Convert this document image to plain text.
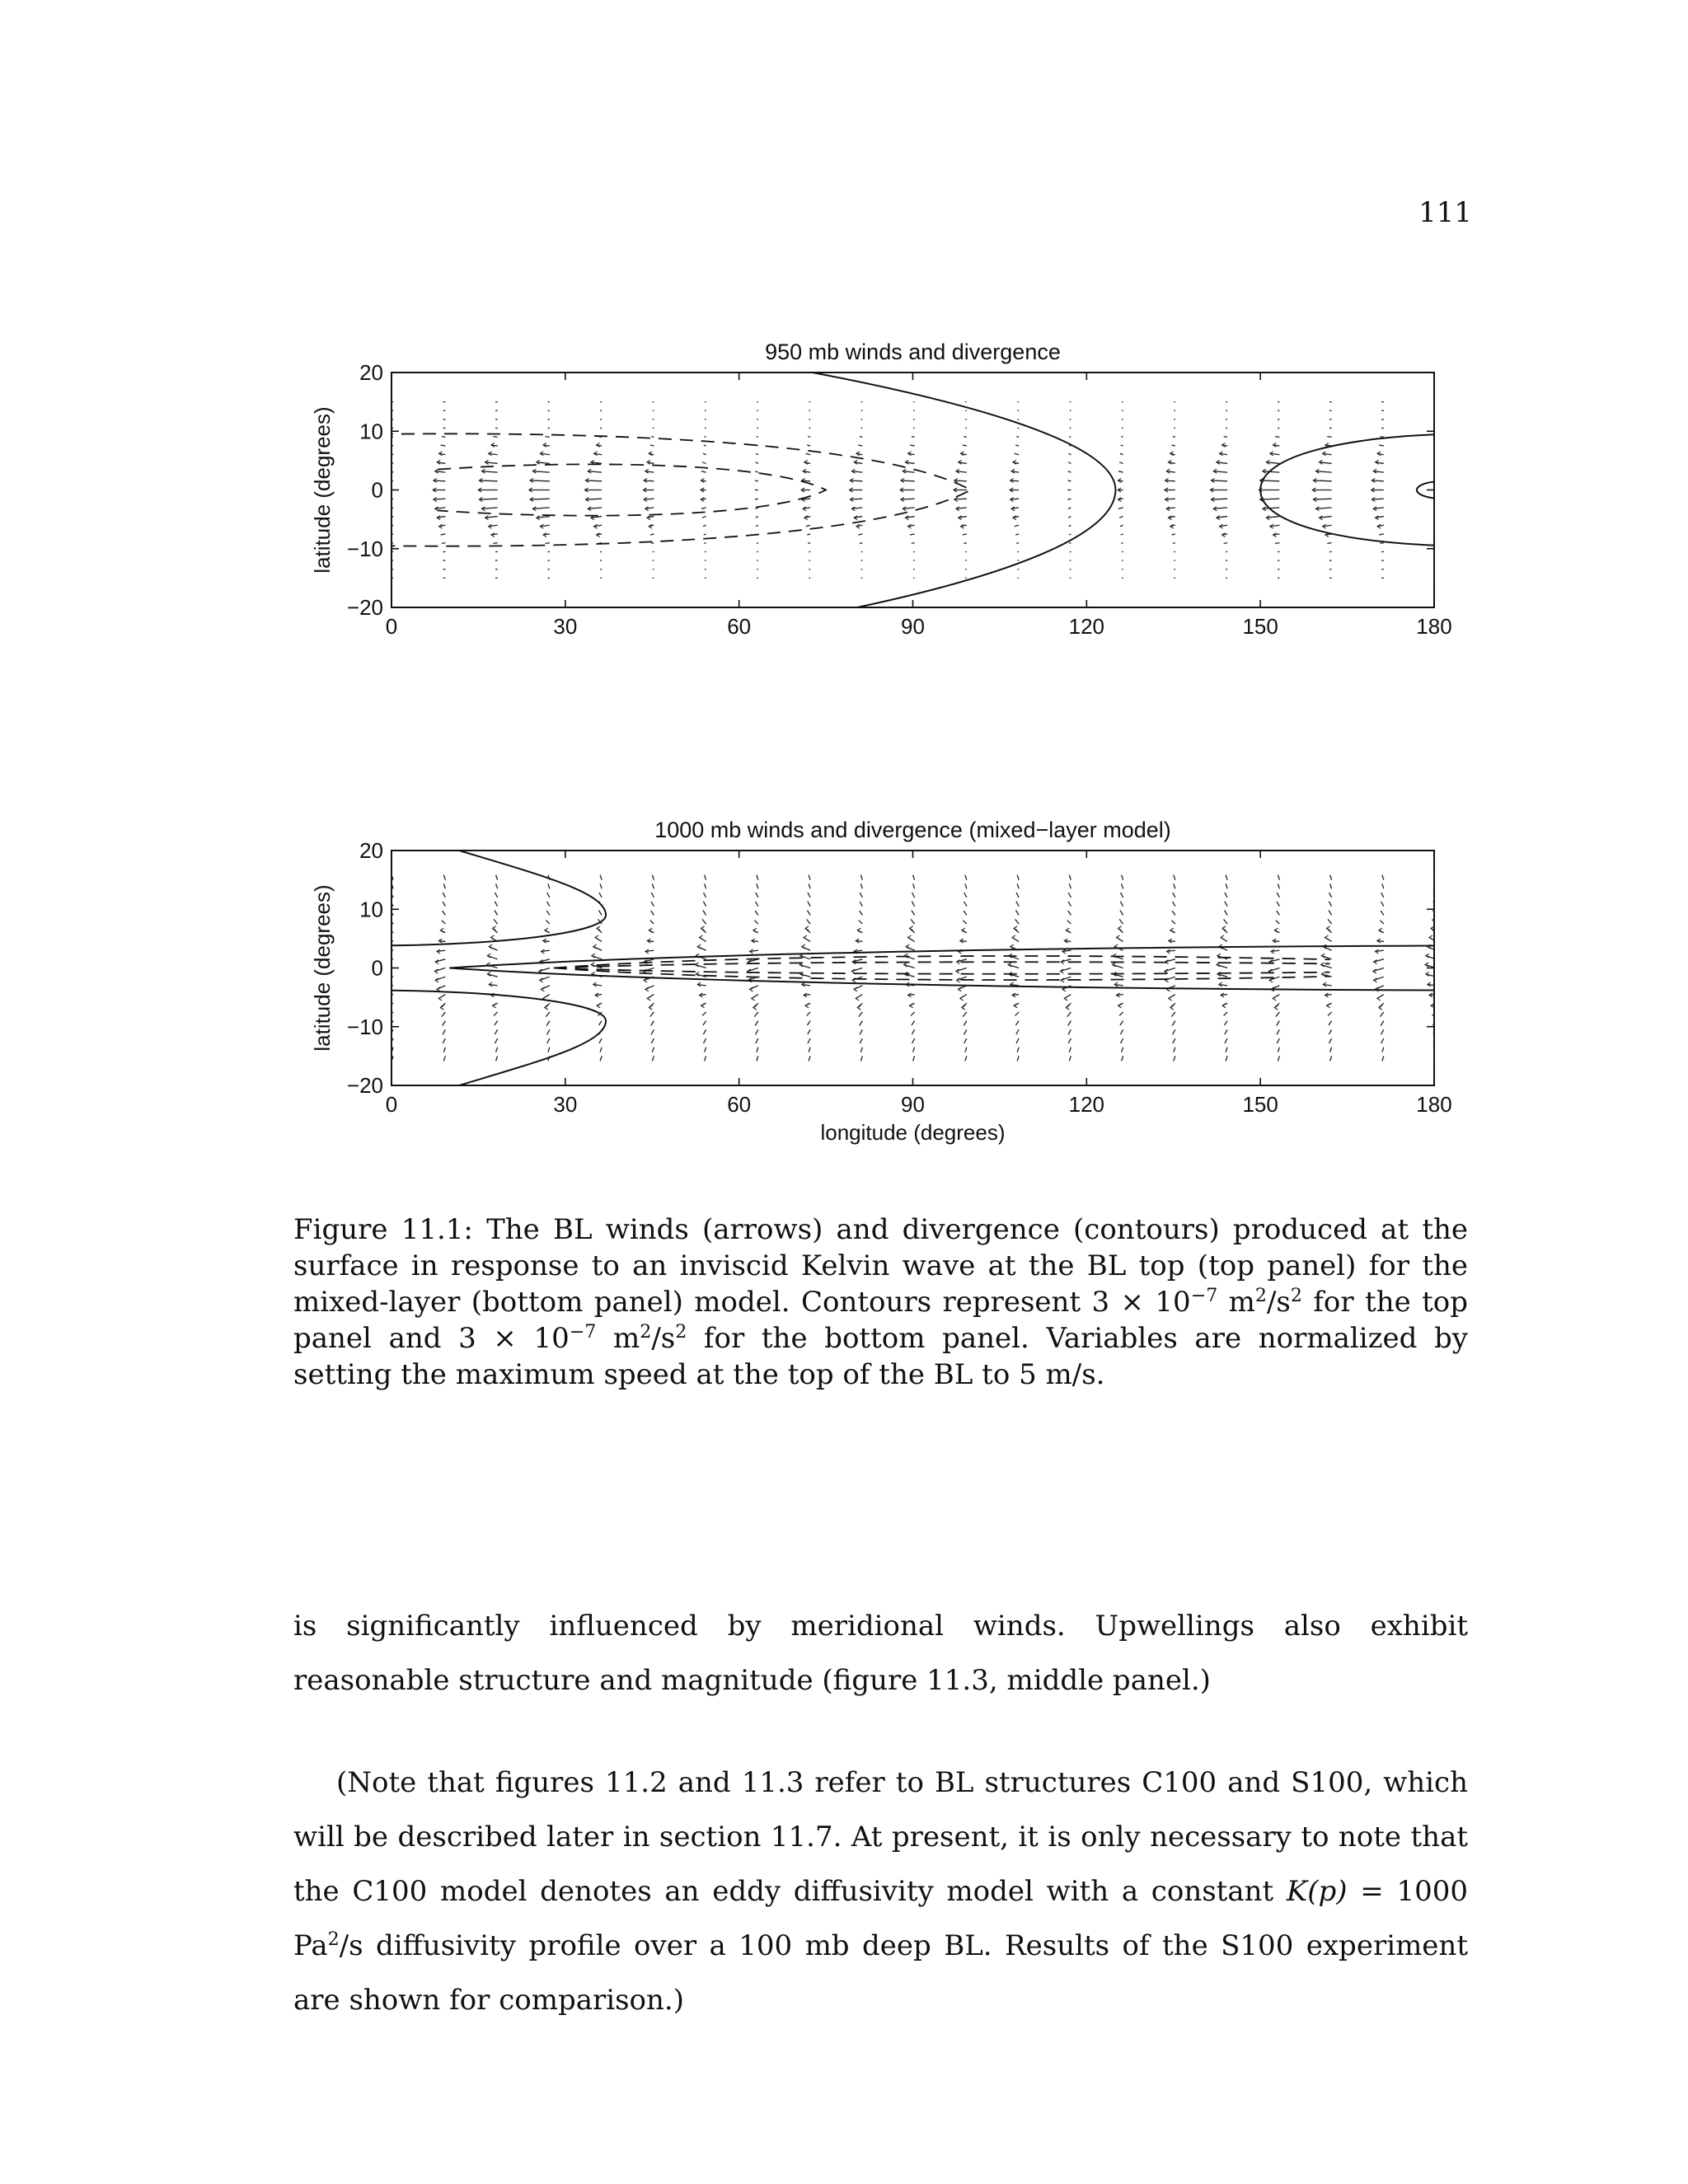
111
950 mb winds and divergence
0	30	60	90	120	150	180
20
10
0
−10
−20
latitude (degrees)
1000 mb winds and divergence (mixed−layer model)
0	30	60	90	120	150	180
20
10
0
−10
−20
latitude (degrees)
longitude (degrees)
Figure 11.1: The BL winds (arrows) and divergence (contours) produced at the surface in response to an inviscid Kelvin wave at the BL top (top panel) for the mixed-layer (bottom panel) model. Contours represent $3 \times 10^{-7}$ $m^2/s^2$ for the top panel and $3 \times 10^{-7}$ $m^2/s^2$ for the bottom panel. Variables are normalized by setting the maximum speed at the top of the BL to 5 m/s.
is significantly influenced by meridional winds. Upwellings also exhibit reasonable structure and magnitude (figure 11.3, middle panel.)
(Note that figures 11.2 and 11.3 refer to BL structures C100 and S100, which will be described later in section 11.7. At present, it is only necessary to note that the C100 model denotes an eddy diffusivity model with a constant K(p) = 1000 Pa$^2$/s diffusivity profile over a 100 mb deep BL. Results of the S100 experiment are shown for comparison.)
